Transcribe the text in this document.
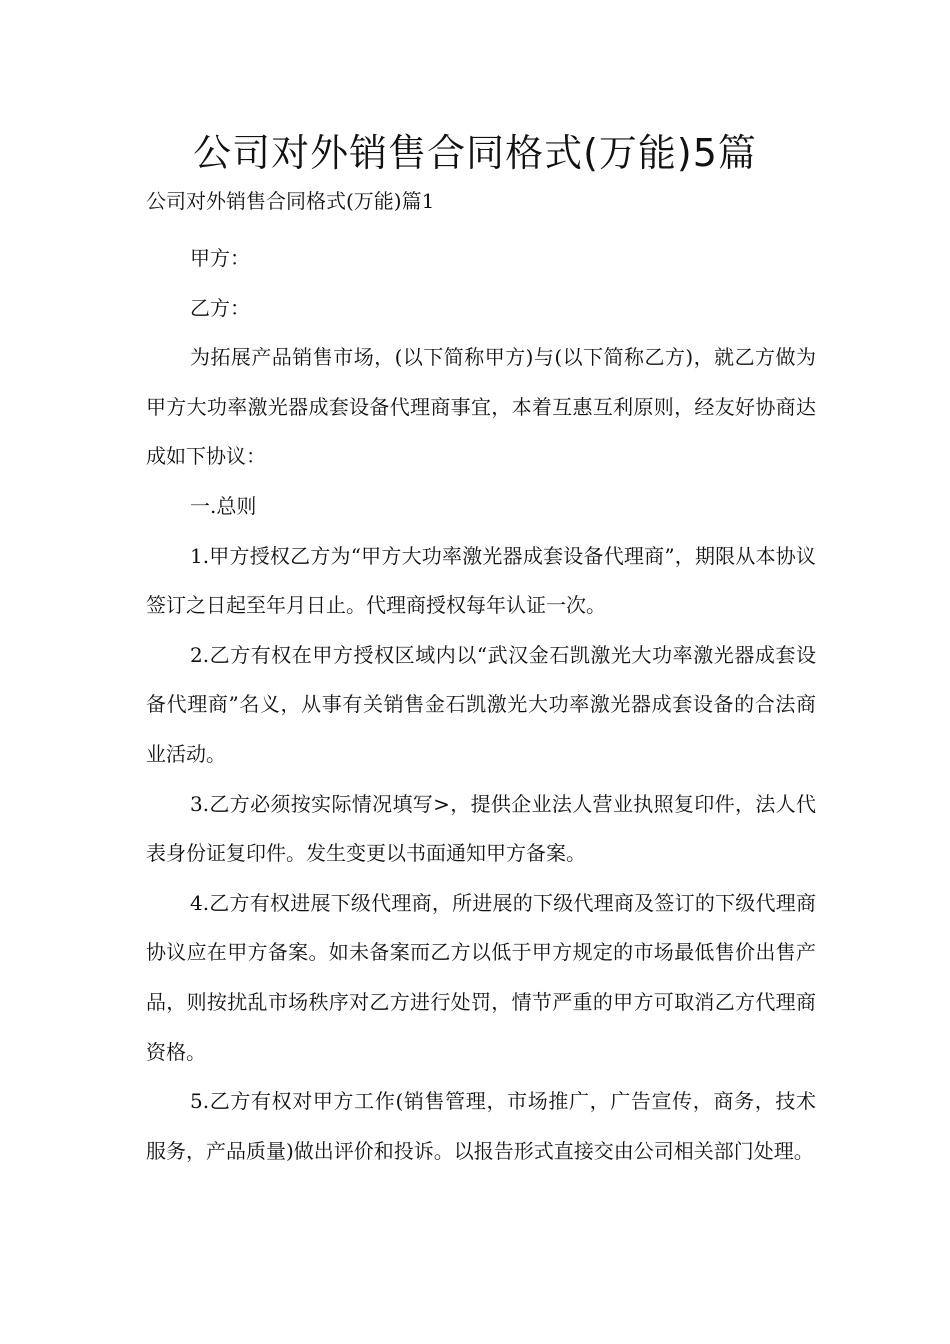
公司对外销售合同格式(万能)5篇
公司对外销售合同格式(万能)篇1

甲方：

乙方：

为拓展产品销售市场，(以下简称甲方)与(以下简称乙方)，就乙方做为甲方大功率激光器成套设备代理商事宜，本着互惠互利原则，经友好协商达成如下协议：

一.总则

1.甲方授权乙方为“甲方大功率激光器成套设备代理商”，期限从本协议签订之日起至年月日止。代理商授权每年认证一次。

2.乙方有权在甲方授权区域内以“武汉金石凯激光大功率激光器成套设备代理商”名义，从事有关销售金石凯激光大功率激光器成套设备的合法商业活动。

3.乙方必须按实际情况填写>，提供企业法人营业执照复印件，法人代表身份证复印件。发生变更以书面通知甲方备案。

4.乙方有权进展下级代理商，所进展的下级代理商及签订的下级代理商协议应在甲方备案。如未备案而乙方以低于甲方规定的市场最低售价出售产品，则按扰乱市场秩序对乙方进行处罚，情节严重的甲方可取消乙方代理商资格。

5.乙方有权对甲方工作(销售管理，市场推广，广告宣传，商务，技术服务，产品质量)做出评价和投诉。以报告形式直接交由公司相关部门处理。
